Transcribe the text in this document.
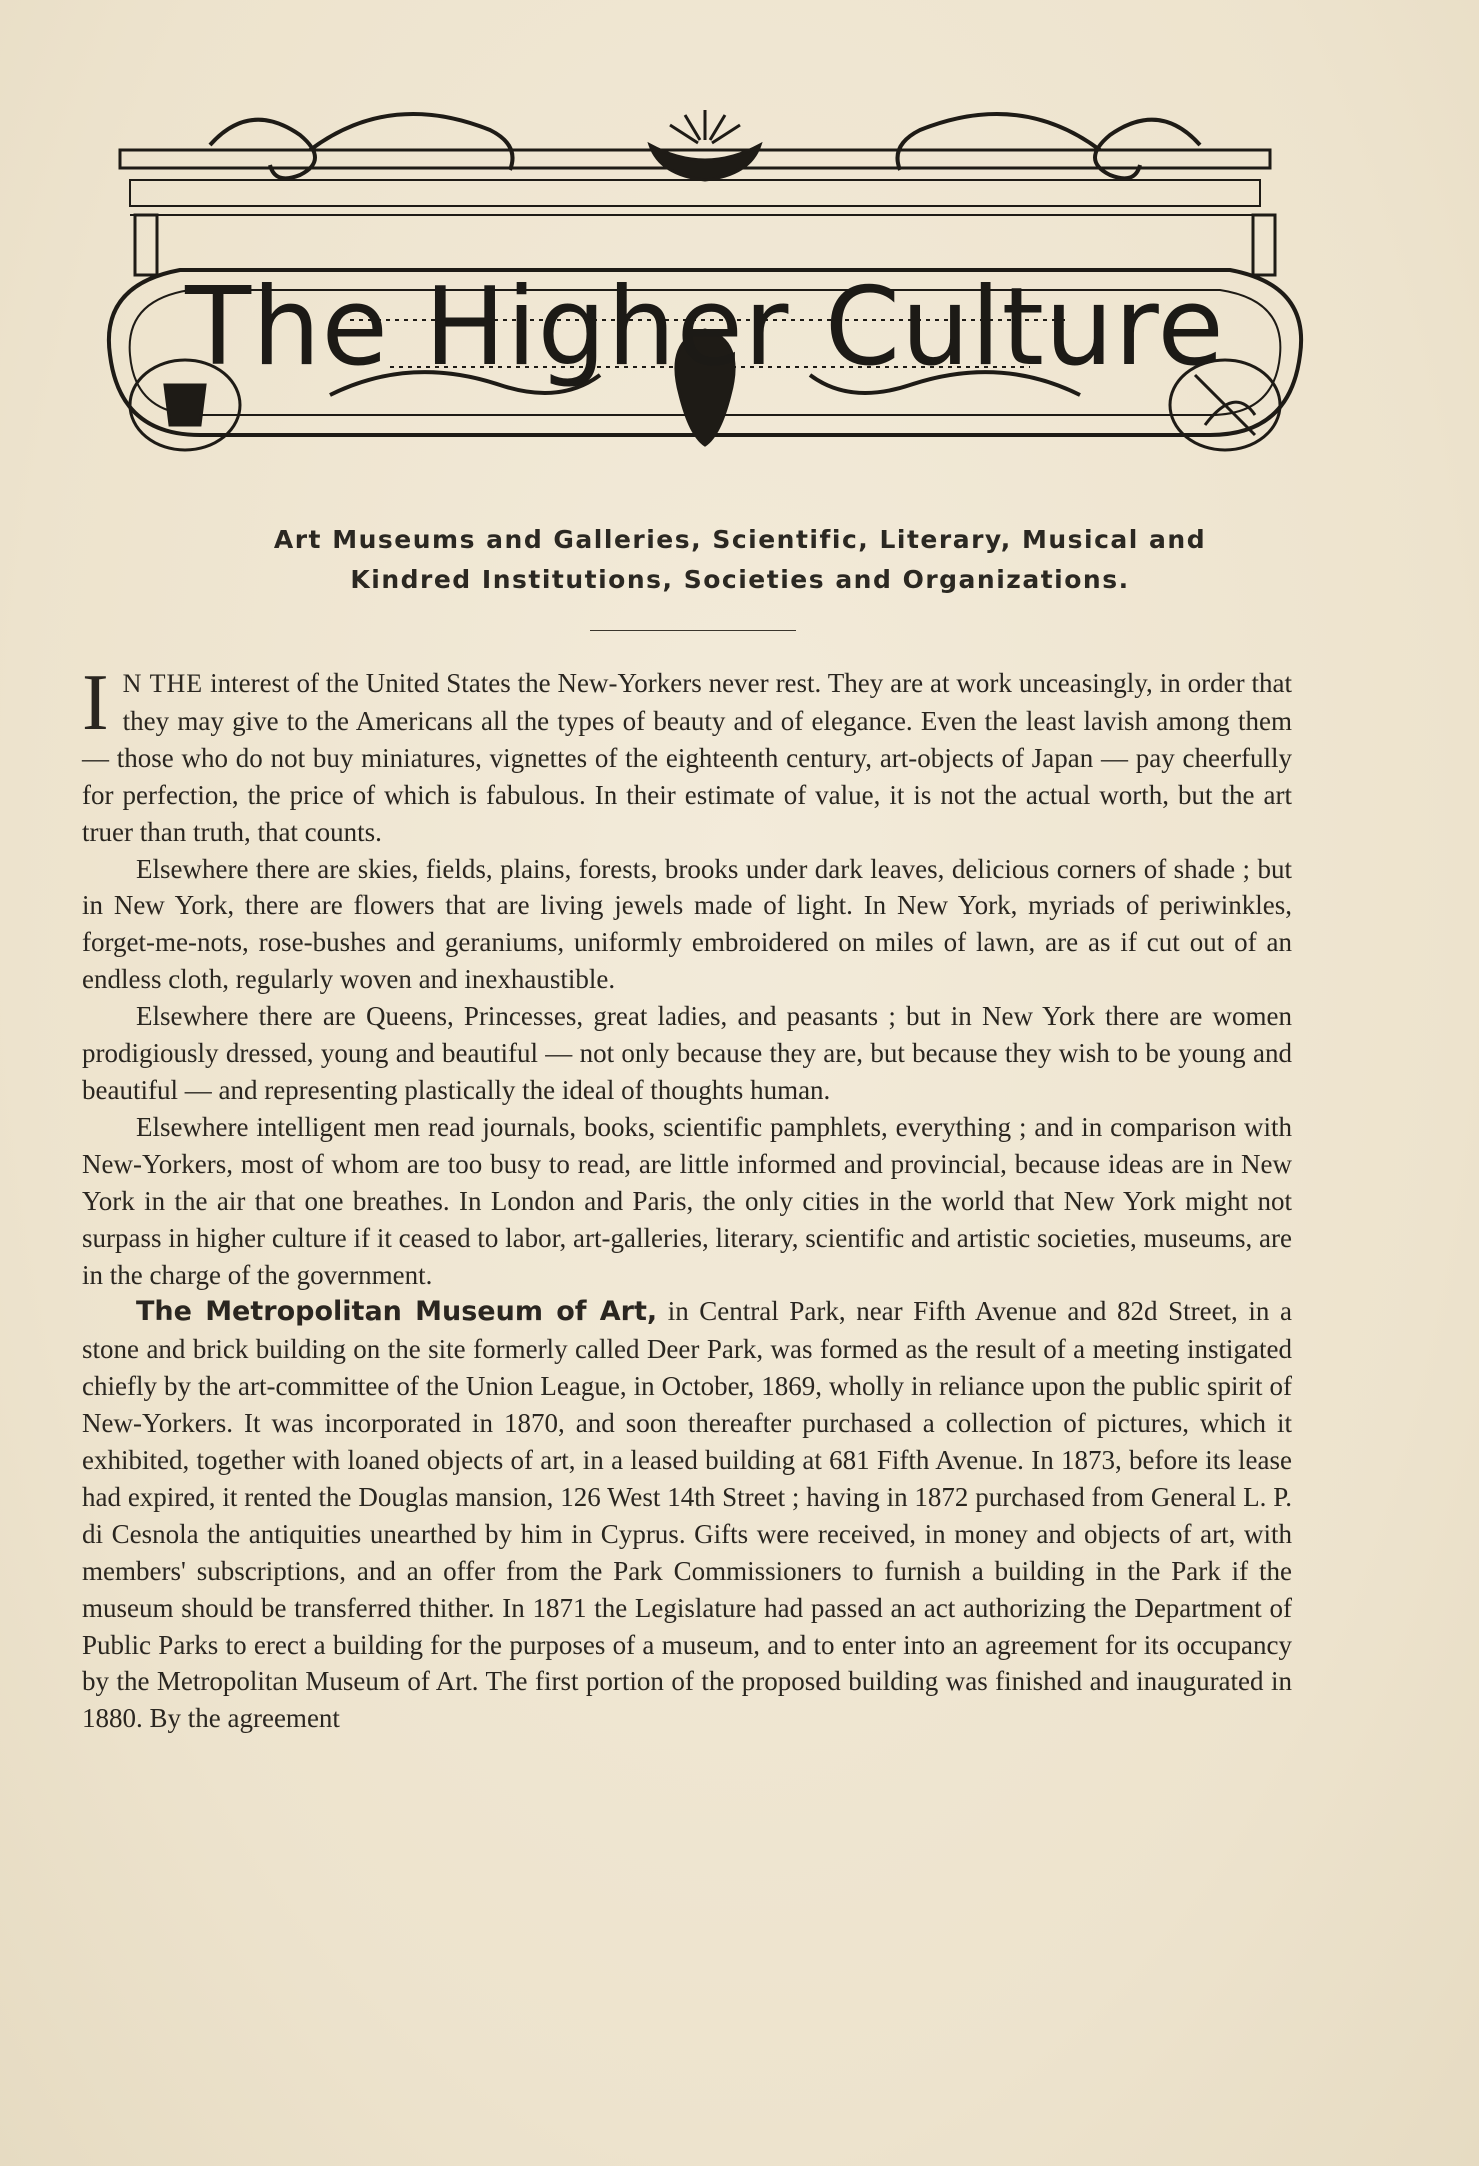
The Higher Culture
Art Museums and Galleries, Scientific, Literary, Musical and
Kindred Institutions, Societies and Organizations.

I N THE interest of the United States the New-Yorkers never rest. They are at work unceasingly, in order that they may give to the Americans all the types of beauty and of elegance. Even the least lavish among them — those who do not buy miniatures, vignettes of the eighteenth century, art-objects of Japan — pay cheerfully for perfection, the price of which is fabulous. In their estimate of value, it is not the actual worth, but the art truer than truth, that counts.

Elsewhere there are skies, fields, plains, forests, brooks under dark leaves, delicious corners of shade ; but in New York, there are flowers that are living jewels made of light. In New York, myriads of periwinkles, forget-me-nots, rose-bushes and geraniums, uniformly embroidered on miles of lawn, are as if cut out of an endless cloth, regularly woven and inexhaustible.

Elsewhere there are Queens, Princesses, great ladies, and peasants ; but in New York there are women prodigiously dressed, young and beautiful — not only because they are, but because they wish to be young and beautiful — and representing plastically the ideal of thoughts human.

Elsewhere intelligent men read journals, books, scientific pamphlets, everything ; and in comparison with New-Yorkers, most of whom are too busy to read, are little informed and provincial, because ideas are in New York in the air that one breathes. In London and Paris, the only cities in the world that New York might not surpass in higher culture if it ceased to labor, art-galleries, literary, scientific and artistic societies, museums, are in the charge of the government.

The Metropolitan Museum of Art, in Central Park, near Fifth Avenue and 82d Street, in a stone and brick building on the site formerly called Deer Park, was formed as the result of a meeting instigated chiefly by the art-committee of the Union League, in October, 1869, wholly in reliance upon the public spirit of New-Yorkers. It was incorporated in 1870, and soon thereafter purchased a collection of pictures, which it exhibited, together with loaned objects of art, in a leased building at 681 Fifth Avenue. In 1873, before its lease had expired, it rented the Douglas mansion, 126 West 14th Street ; having in 1872 purchased from General L. P. di Cesnola the antiquities unearthed by him in Cyprus. Gifts were received, in money and objects of art, with members' subscriptions, and an offer from the Park Commissioners to furnish a building in the Park if the museum should be transferred thither. In 1871 the Legislature had passed an act authorizing the Department of Public Parks to erect a building for the purposes of a museum, and to enter into an agreement for its occupancy by the Metropolitan Museum of Art. The first portion of the proposed building was finished and inaugurated in 1880. By the agreement
